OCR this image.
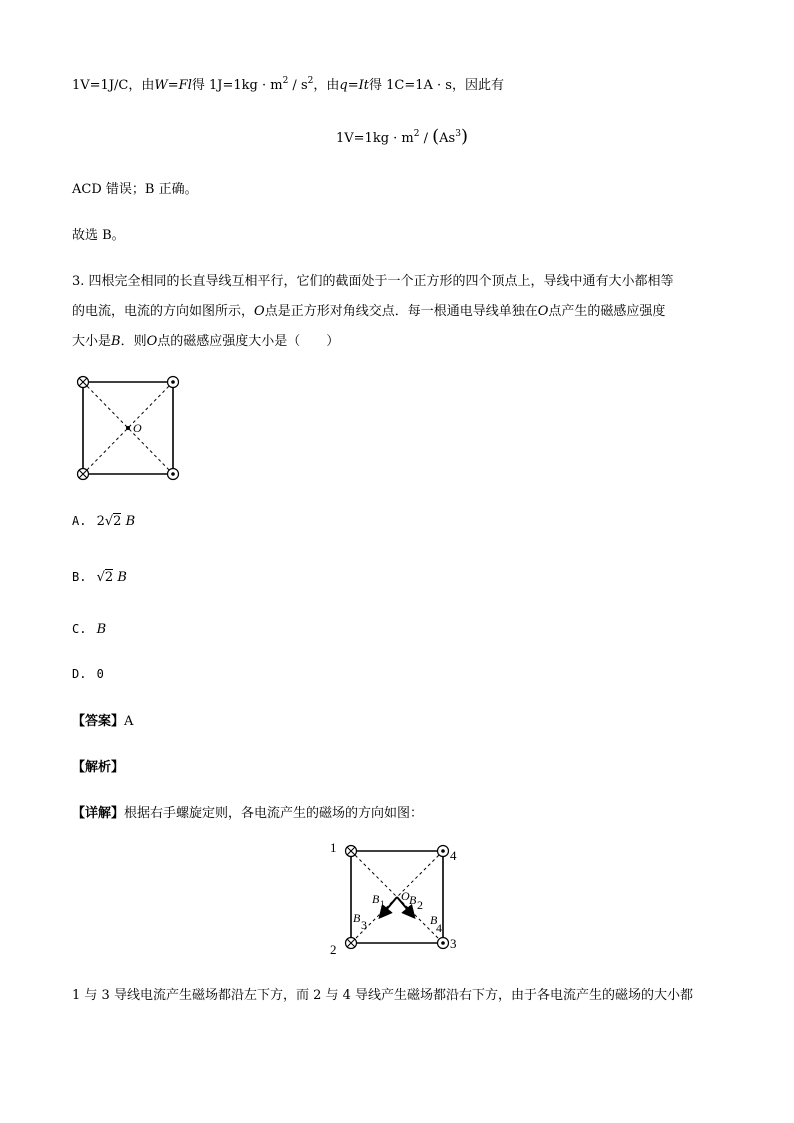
1V=1J/C，由W=Fl得 $1J=1kg \cdot m^2 / s^2$，由q=It得 1C=1A · s，因此有
$1V=1kg \cdot m^2 / (As^3)$
ACD 错误；B 正确。
故选 B。
3. 四根完全相同的长直导线互相平行，它们的截面处于一个正方形的四个顶点上，导线中通有大小都相等
的电流，电流的方向如图所示，O点是正方形对角线交点．每一根通电导线单独在O点产生的磁感应强度
大小是B．则O点的磁感应强度大小是（　　）
O
A. 2√2 B
B. √2 B
C. B
D. 0
【答案】A
【解析】
【详解】根据右手螺旋定则，各电流产生的磁场的方向如图：
1
2	3
4
O
B 1 B 2
B 3	B
4
1 与 3 导线电流产生磁场都沿左下方，而 2 与 4 导线产生磁场都沿右下方，由于各电流产生的磁场的大小都
